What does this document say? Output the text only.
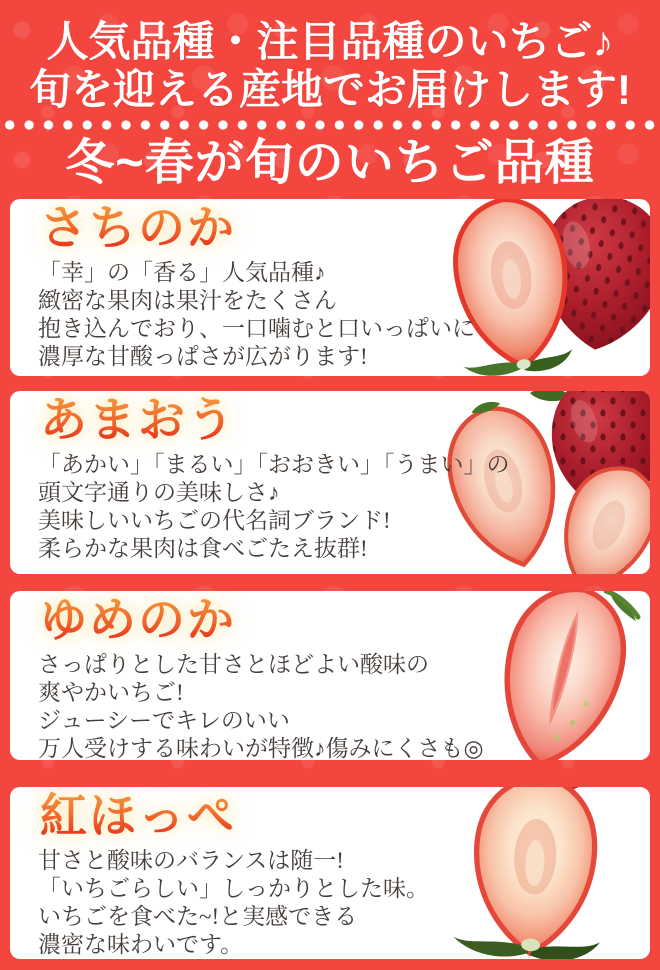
人気品種・注目品種のいちご♪
旬を迎える産地でお届けします!
冬~春が旬のいちご品種
さちのか

「幸」の「香る」人気品種♪
緻密な果肉は果汁をたくさん
抱き込んでおり、一口噛むと口いっぱいに
濃厚な甘酸っぱさが広がります!

あまおう

「あかい」「まるい」「おおきい」「うまい」の
頭文字通りの美味しさ♪
美味しいいちごの代名詞ブランド!
柔らかな果肉は食べごたえ抜群!

ゆめのか

さっぱりとした甘さとほどよい酸味の
爽やかいちご!
ジューシーでキレのいい
万人受けする味わいが特徴♪傷みにくさも◎

紅ほっぺ

甘さと酸味のバランスは随一!
「いちごらしい」しっかりとした味。
いちごを食べた~!と実感できる
濃密な味わいです。
